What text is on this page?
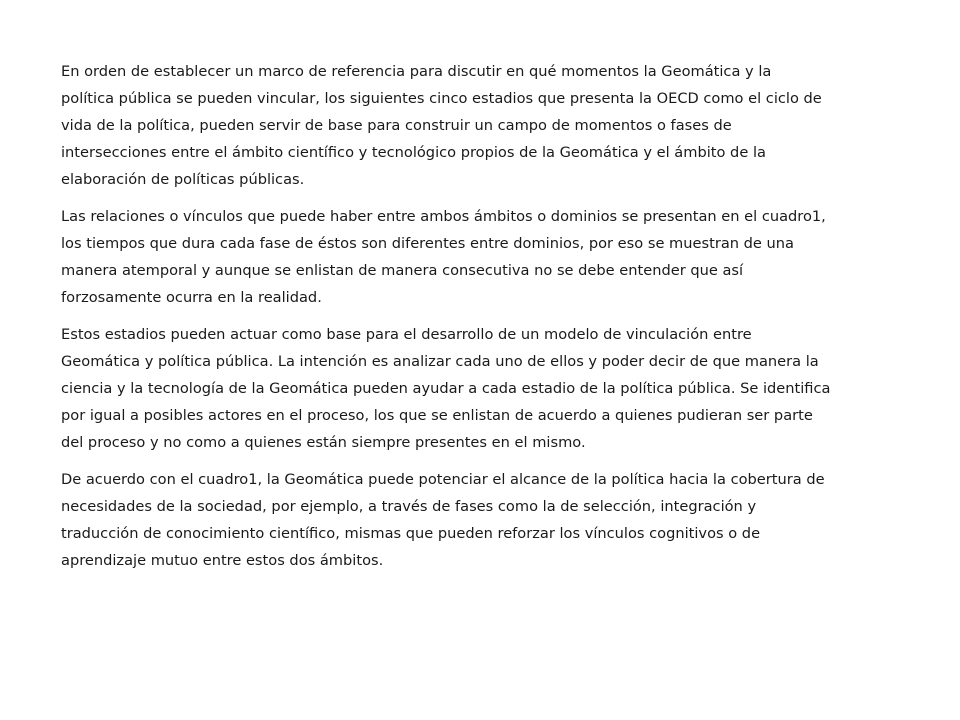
En orden de establecer un marco de referencia para discutir en qué momentos la Geomática y la
política pública se pueden vincular, los siguientes cinco estadios que presenta la OECD como el ciclo de
vida de la política, pueden servir de base para construir un campo de momentos o fases de
intersecciones entre el ámbito científico y tecnológico propios de la Geomática y el ámbito de la
elaboración de políticas públicas.

Las relaciones o vínculos que puede haber entre ambos ámbitos o dominios se presentan en el cuadro1,
los tiempos que dura cada fase de éstos son diferentes entre dominios, por eso se muestran de una
manera atemporal y aunque se enlistan de manera consecutiva no se debe entender que así
forzosamente ocurra en la realidad.

Estos estadios pueden actuar como base para el desarrollo de un modelo de vinculación entre
Geomática y política pública. La intención es analizar cada uno de ellos y poder decir de que manera la
ciencia y la tecnología de la Geomática pueden ayudar a cada estadio de la política pública. Se identifica
por igual a posibles actores en el proceso, los que se enlistan de acuerdo a quienes pudieran ser parte
del proceso y no como a quienes están siempre presentes en el mismo.

De acuerdo con el cuadro1, la Geomática puede potenciar el alcance de la política hacia la cobertura de
necesidades de la sociedad, por ejemplo, a través de fases como la de selección, integración y
traducción de conocimiento científico, mismas que pueden reforzar los vínculos cognitivos o de
aprendizaje mutuo entre estos dos ámbitos.
